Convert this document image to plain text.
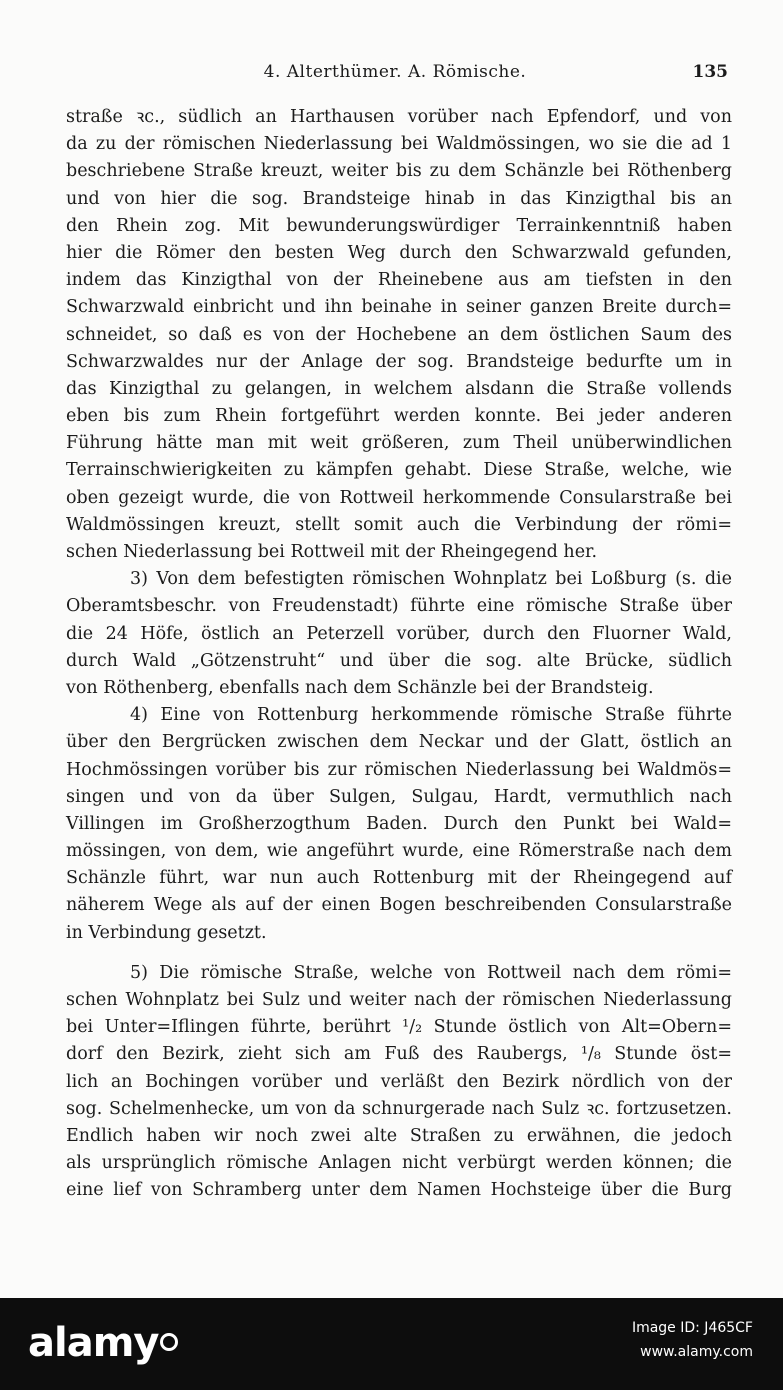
4. Alterthümer. A. Römische.	135
straße ꝛc., südlich an Harthausen vorüber nach Epfendorf, und von
da zu der römischen Niederlassung bei Waldmössingen, wo sie die ad 1
beschriebene Straße kreuzt, weiter bis zu dem Schänzle bei Röthenberg
und von hier die sog. Brandsteige hinab in das Kinzigthal bis an
den Rhein zog. Mit bewunderungswürdiger Terrainkenntniß haben
hier die Römer den besten Weg durch den Schwarzwald gefunden,
indem das Kinzigthal von der Rheinebene aus am tiefsten in den
Schwarzwald einbricht und ihn beinahe in seiner ganzen Breite durch=
schneidet, so daß es von der Hochebene an dem östlichen Saum des
Schwarzwaldes nur der Anlage der sog. Brandsteige bedurfte um in
das Kinzigthal zu gelangen, in welchem alsdann die Straße vollends
eben bis zum Rhein fortgeführt werden konnte. Bei jeder anderen
Führung hätte man mit weit größeren, zum Theil unüberwindlichen
Terrainschwierigkeiten zu kämpfen gehabt. Diese Straße, welche, wie
oben gezeigt wurde, die von Rottweil herkommende Consularstraße bei
Waldmössingen kreuzt, stellt somit auch die Verbindung der römi=
schen Niederlassung bei Rottweil mit der Rheingegend her.
3) Von dem befestigten römischen Wohnplatz bei Loßburg (s. die
Oberamtsbeschr. von Freudenstadt) führte eine römische Straße über
die 24 Höfe, östlich an Peterzell vorüber, durch den Fluorner Wald,
durch Wald „Götzenstruht“ und über die sog. alte Brücke, südlich
von Röthenberg, ebenfalls nach dem Schänzle bei der Brandsteig.
4) Eine von Rottenburg herkommende römische Straße führte
über den Bergrücken zwischen dem Neckar und der Glatt, östlich an
Hochmössingen vorüber bis zur römischen Niederlassung bei Waldmös=
singen und von da über Sulgen, Sulgau, Hardt, vermuthlich nach
Villingen im Großherzogthum Baden. Durch den Punkt bei Wald=
mössingen, von dem, wie angeführt wurde, eine Römerstraße nach dem
Schänzle führt, war nun auch Rottenburg mit der Rheingegend auf
näherem Wege als auf der einen Bogen beschreibenden Consularstraße
in Verbindung gesetzt.
5) Die römische Straße, welche von Rottweil nach dem römi=
schen Wohnplatz bei Sulz und weiter nach der römischen Niederlassung
bei Unter=Iflingen führte, berührt ¹/₂ Stunde östlich von Alt=Obern=
dorf den Bezirk, zieht sich am Fuß des Raubergs, ¹/₈ Stunde öst=
lich an Bochingen vorüber und verläßt den Bezirk nördlich von der
sog. Schelmenhecke, um von da schnurgerade nach Sulz ꝛc. fortzusetzen.
Endlich haben wir noch zwei alte Straßen zu erwähnen, die jedoch
als ursprünglich römische Anlagen nicht verbürgt werden können; die
eine lief von Schramberg unter dem Namen Hochsteige über die Burg
alamy	Image ID: J465CF
www.alamy.com
